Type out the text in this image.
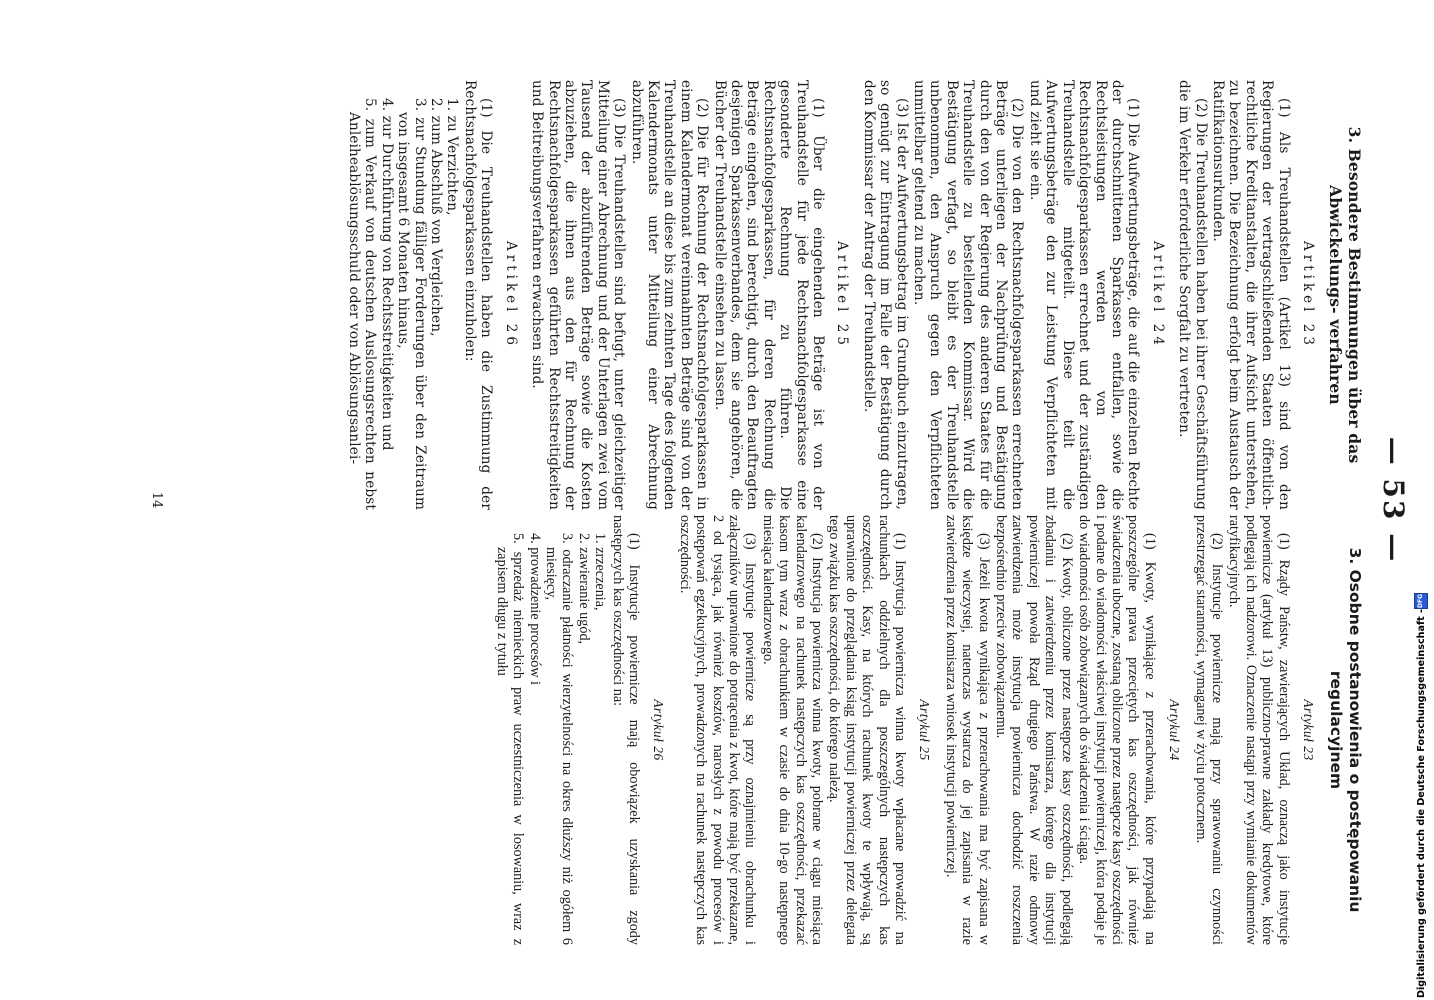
— 53 —
3. Besondere Bestimmungen über das Abwickelungs- verfahren
Artikel 23

(1) Als Treuhandstellen (Artikel 13) sind von den Regierungen der vertragschließenden Staaten öffentlich-rechtliche Kreditanstalten, die ihrer Aufsicht unterstehen, zu bezeichnen. Die Bezeichnung erfolgt beim Austausch der Ratifikationsurkunden.

(2) Die Treuhandstellen haben bei ihrer Geschäftsführung die im Verkehr erforderliche Sorgfalt zu vertreten.

Artikel 24

(1) Die Aufwertungsbeträge, die auf die einzelnen Rechte der durchschnittenen Sparkassen entfallen, sowie die Rechtsleistungen werden von den Rechtsnachfolgesparkassen errechnet und der zuständigen Treuhandstelle mitgeteilt. Diese teilt die Aufwertungsbeträge den zur Leistung Verpflichteten mit und zieht sie ein.

(2) Die von den Rechtsnachfolgesparkassen errechneten Beträge unterliegen der Nachprüfung und Bestätigung durch den von der Regierung des anderen Staates für die Treuhandstelle zu bestellenden Kommissar. Wird die Bestätigung verfagt, so bleibt es der Treuhandstelle unbenommen, den Anspruch gegen den Verpflichteten unmittelbar geltend zu machen.

(3) Ist der Aufwertungsbetrag im Grundbuch einzutragen, so genügt zur Eintragung im Falle der Bestätigung durch den Kommissar der Antrag der Treuhandstelle.

Artikel 25

(1) Über die eingehenden Beträge ist von der Treuhandstelle für jede Rechtsnachfolgesparkasse eine gesonderte Rechnung zu führen. Die Rechtsnachfolgesparkassen, für deren Rechnung die Beträge eingehen, sind berechtigt, durch den Beauftragten desjenigen Sparkassenverbandes, dem sie angehören, die Bücher der Treuhandstelle einsehen zu lassen.

(2) Die für Rechnung der Rechtsnachfolgesparkassen in einem Kalendermonat vereinnahmten Beträge sind von der Treuhandstelle an diese bis zum zehnten Tage des folgenden Kalendermonats unter Mitteilung einer Abrechnung abzuführen.

(3) Die Treuhandstellen sind befugt, unter gleichzeitiger Mitteilung einer Abrechnung und der Unterlagen zwei vom Tausend der abzuführenden Beträge sowie die Kosten abzuziehen, die ihnen aus den für Rechnung der Rechtsnachfolgesparkassen geführten Rechtsstreitigkeiten und Beitreibungsverfahren erwachsen sind.

Artikel 26

(1) Die Treuhandstellen haben die Zustimmung der Rechtsnachfolgesparkassen einzuholen:

1. zu Verzichten,
2. zum Abschluß von Vergleichen,
3. zur Stundung fälliger Forderungen über den Zeitraum von insgesamt 6 Monaten hinaus,
4. zur Durchführung von Rechtsstreitigkeiten und
5. zum Verkauf von deutschen Auslosungsrechten nebst Anleiheablösungsschuld oder von Ablösungsanlei-
3. Osobne postanowienia o postępowaniu regulacyjnem
Artykuł 23

(1) Rządy Państw, zawierających Układ, oznaczą jako instytucje powiernicze (artykuł 13) publiczno-prawne zakłady kredytowe, które podlegają ich nadzorowi. Oznaczenie nastąpi przy wymianie dokumentów ratyfikacyjnych.

(2) Instytucje powiernicze mają przy sprawowaniu czynności przestrzegać staranności, wymaganej w życiu potocznem.

Artykuł 24

(1) Kwoty, wynikające z przerachowania, które przypadają na poszczególne prawa przeciętych kas oszczędności, jak również świadczenia uboczne, zostaną obliczone przez następcze kasy oszczędności i podane do wiadomości właściwej instytucji powierniczej, która podaje je do wiadomości osób zobowiązanych do świadczenia i ściąga.

(2) Kwoty, obliczone przez następcze kasy oszczędności, podlegają zbadaniu i zatwierdzeniu przez komisarza, którego dla instytucji powierniczej powoła Rząd drugiego Państwa. W razie odmowy zatwierdzenia może instytucja powiernicza dochodzić roszczenia bezpośrednio przeciw zobowiązanemu.

(3) Jeżeli kwota wynikająca z przerachowania ma być zapisana w księdze wieczystej, natenczas wystarcza do jej zapisania w razie zatwierdzenia przez komisarza wniosek instytucji powierniczej.

Artykuł 25

(1) Instytucja powiernicza winna kwoty wpłacane prowadzić na rachunkach oddzielnych dla poszczególnych następczych kas oszczędności. Kasy, na których rachunek kwoty te wpływają, są uprawnione do przeglądania ksiąg instytucji powierniczej przez delegata tego związku kas oszczędności, do którego należą.

(2) Instytucja powiernicza winna kwoty, pobrane w ciągu miesiąca kalendarzowego na rachunek następczych kas oszczędności, przekazać kasom tym wraz z obrachunkiem w czasie do dnia 10-go następnego miesiąca kalendarzowego.

(3) Instytucje powiernicze są przy oznajmieniu obrachunku i załączników uprawnione do potrącenia z kwot, które mają być przekazane, 2 od tysiąca, jak również kosztów, narosłych z powodu procesów i postępowań egzekucyjnych, prowadzonych na rachunek następczych kas oszczędności.

Artykuł 26

(1) Instytucje powiernicze mają obowiązek uzyskania zgody następczych kas oszczędności na:

1. zrzeczenia,
2. zawieranie ugód,
3. odraczanie płatności wierzytelności na okres dłuższy niż ogółem 6 miesięcy,
4. prowadzenie procesów i
5. sprzedaż niemieckich praw uczestniczenia w losowaniu, wraz z zapisem długu z tytułu
14
Digitalisierung gefördert durch die Deutsche Forschungsgemeinschaft -
DFG
